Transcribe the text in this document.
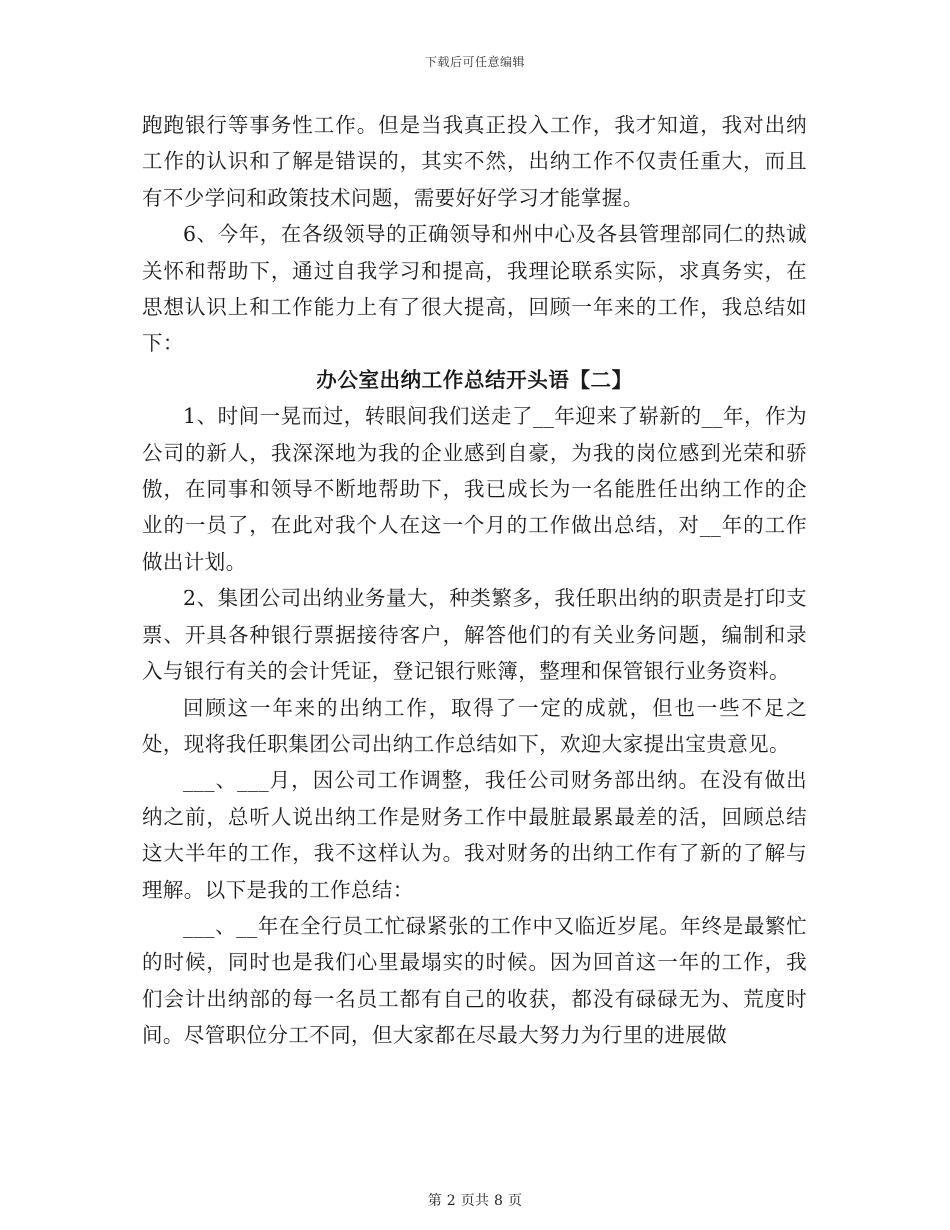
下载后可任意编辑

跑跑银行等事务性工作。但是当我真正投入工作，我才知道，我对出纳工作的认识和了解是错误的，其实不然，出纳工作不仅责任重大，而且有不少学问和政策技术问题，需要好好学习才能掌握。

6、今年，在各级领导的正确领导和州中心及各县管理部同仁的热诚关怀和帮助下，通过自我学习和提高，我理论联系实际，求真务实，在思想认识上和工作能力上有了很大提高，回顾一年来的工作，我总结如下：

办公室出纳工作总结开头语【二】

1、时间一晃而过，转眼间我们送走了__年迎来了崭新的__年，作为公司的新人，我深深地为我的企业感到自豪，为我的岗位感到光荣和骄傲，在同事和领导不断地帮助下，我已成长为一名能胜任出纳工作的企业的一员了，在此对我个人在这一个月的工作做出总结，对__年的工作做出计划。

2、集团公司出纳业务量大，种类繁多，我任职出纳的职责是打印支票、开具各种银行票据接待客户，解答他们的有关业务问题，编制和录入与银行有关的会计凭证，登记银行账簿，整理和保管银行业务资料。

回顾这一年来的出纳工作，取得了一定的成就，但也一些不足之处，现将我任职集团公司出纳工作总结如下，欢迎大家提出宝贵意见。

___、___月，因公司工作调整，我任公司财务部出纳。在没有做出纳之前，总听人说出纳工作是财务工作中最脏最累最差的活，回顾总结这大半年的工作，我不这样认为。我对财务的出纳工作有了新的了解与理解。以下是我的工作总结：

___、__年在全行员工忙碌紧张的工作中又临近岁尾。年终是最繁忙的时候，同时也是我们心里最塌实的时候。因为回首这一年的工作，我们会计出纳部的每一名员工都有自己的收获，都没有碌碌无为、荒度时间。尽管职位分工不同，但大家都在尽最大努力为行里的进展做

第 2 页共 8 页
